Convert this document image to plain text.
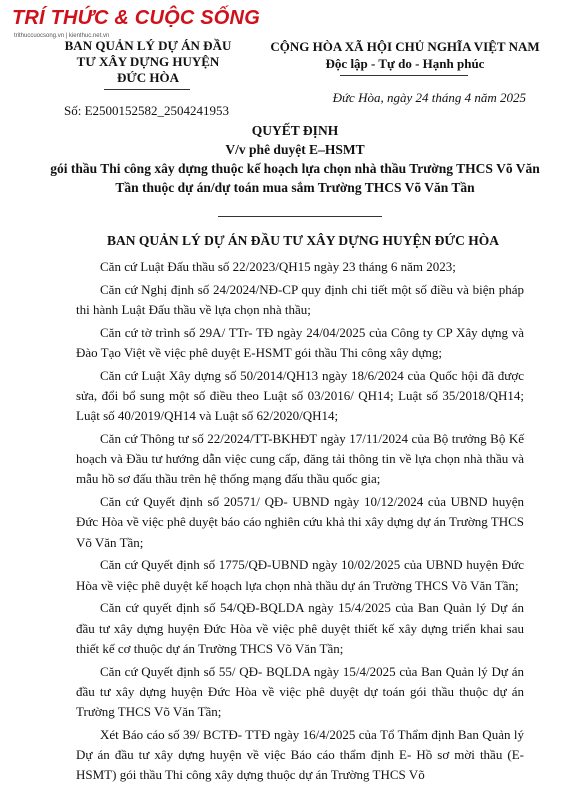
TRÍ THỨC & CUỘC SỐNG
trithuccuocsong.vn | kienthuc.net.vn
BAN QUẢN LÝ DỰ ÁN ĐẦU
TƯ XÂY DỰNG HUYỆN
ĐỨC HÒA
CỘNG HÒA XÃ HỘI CHỦ NGHĨA VIỆT NAM
Độc lập - Tự do - Hạnh phúc
Đức Hòa, ngày 24 tháng 4 năm 2025
Số: E2500152582_2504241953
QUYẾT ĐỊNH
V/v phê duyệt E–HSMT
gói thầu Thi công xây dựng thuộc kế hoạch lựa chọn nhà thầu Trường THCS Võ Văn Tần thuộc dự án/dự toán mua sắm Trường THCS Võ Văn Tần
BAN QUẢN LÝ DỰ ÁN ĐẦU TƯ XÂY DỰNG HUYỆN ĐỨC HÒA

Căn cứ Luật Đấu thầu số 22/2023/QH15 ngày 23 tháng 6 năm 2023;

Căn cứ Nghị định số 24/2024/NĐ-CP quy định chi tiết một số điều và biện pháp thi hành Luật Đấu thầu về lựa chọn nhà thầu;

Căn cứ tờ trình số 29A/ TTr- TĐ ngày 24/04/2025 của Công ty CP Xây dựng và Đào Tạo Việt về việc phê duyệt E-HSMT gói thầu Thi công xây dựng;

Căn cứ Luật Xây dựng số 50/2014/QH13 ngày 18/6/2024 của Quốc hội đã được sửa, đổi bổ sung một số điều theo Luật số 03/2016/ QH14; Luật số 35/2018/QH14; Luật số 40/2019/QH14 và Luật số 62/2020/QH14;

Căn cứ Thông tư số 22/2024/TT-BKHĐT ngày 17/11/2024 của Bộ trưởng Bộ Kế hoạch và Đầu tư hướng dẫn việc cung cấp, đăng tải thông tin về lựa chọn nhà thầu và mẫu hồ sơ đấu thầu trên hệ thống mạng đấu thầu quốc gia;

Căn cứ Quyết định số 20571/ QĐ- UBND ngày 10/12/2024 của UBND huyện Đức Hòa về việc phê duyệt báo cáo nghiên cứu khả thi xây dựng dự án Trường THCS Võ Văn Tần;

Căn cứ Quyết định số 1775/QĐ-UBND ngày 10/02/2025 của UBND huyện Đức Hòa về việc phê duyệt kế hoạch lựa chọn nhà thầu dự án Trường THCS Võ Văn Tần;

Căn cứ quyết định số 54/QĐ-BQLDA ngày 15/4/2025 của Ban Quản lý Dự án đầu tư xây dựng huyện Đức Hòa về việc phê duyệt thiết kế xây dựng triển khai sau thiết kế cơ thuộc dự án Trường THCS Võ Văn Tần;

Căn cứ Quyết định số 55/ QĐ- BQLDA ngày 15/4/2025 của Ban Quản lý Dự án đầu tư xây dựng huyện Đức Hòa về việc phê duyệt dự toán gói thầu thuộc dự án Trường THCS Võ Văn Tần;

Xét Báo cáo số 39/ BCTĐ- TTĐ ngày 16/4/2025 của Tổ Thẩm định Ban Quản lý Dự án đầu tư xây dựng huyện về việc Báo cáo thẩm định E- Hồ sơ mời thầu (E-HSMT) gói thầu Thi công xây dựng thuộc dự án Trường THCS Võ
